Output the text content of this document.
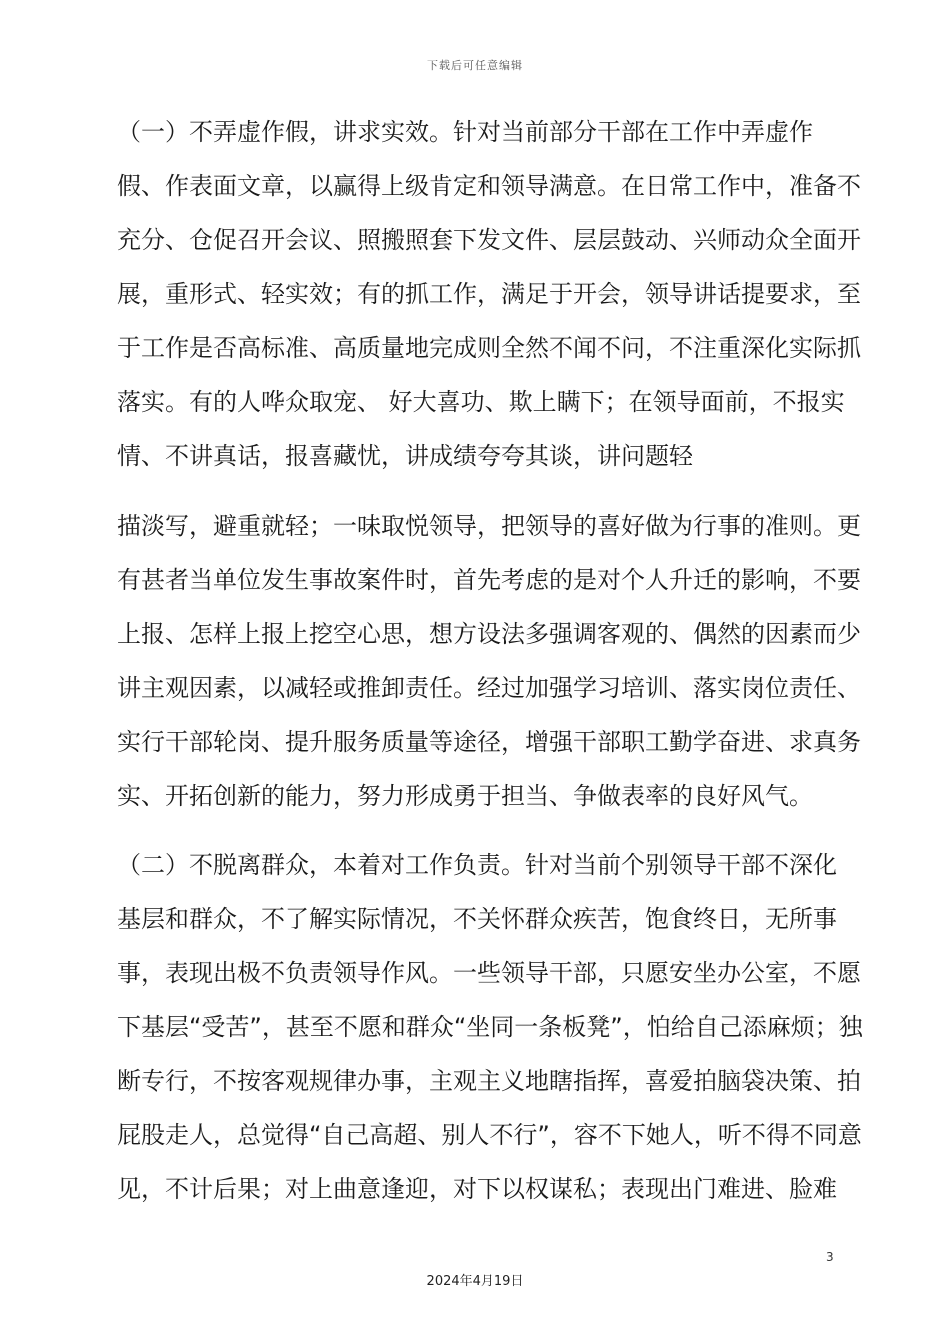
下载后可任意编辑
（一）不弄虚作假，讲求实效。针对当前部分干部在工作中弄虚作
假、作表面文章，以赢得上级肯定和领导满意。在日常工作中，准备不
充分、仓促召开会议、照搬照套下发文件、层层鼓动、兴师动众全面开
展，重形式、轻实效；有的抓工作，满足于开会，领导讲话提要求，至
于工作是否高标准、高质量地完成则全然不闻不问，不注重深化实际抓
落实。有的人哗众取宠、 好大喜功、欺上瞒下；在领导面前，不报实
情、不讲真话，报喜藏忧，讲成绩夸夸其谈，讲问题轻
描淡写，避重就轻；一味取悦领导，把领导的喜好做为行事的准则。更
有甚者当单位发生事故案件时，首先考虑的是对个人升迁的影响，不要
上报、怎样上报上挖空心思，想方设法多强调客观的、偶然的因素而少
讲主观因素，以减轻或推卸责任。经过加强学习培训、落实岗位责任、
实行干部轮岗、提升服务质量等途径，增强干部职工勤学奋进、求真务
实、开拓创新的能力，努力形成勇于担当、争做表率的良好风气。
（二）不脱离群众，本着对工作负责。针对当前个别领导干部不深化
基层和群众，不了解实际情况，不关怀群众疾苦，饱食终日，无所事
事，表现出极不负责领导作风。一些领导干部，只愿安坐办公室，不愿
下基层“受苦”，甚至不愿和群众“坐同一条板凳”，怕给自己添麻烦；独
断专行，不按客观规律办事，主观主义地瞎指挥，喜爱拍脑袋决策、拍
屁股走人，总觉得“自己高超、别人不行”，容不下她人，听不得不同意
见，不计后果；对上曲意逢迎，对下以权谋私；表现出门难进、脸难
3
2024年4月19日
